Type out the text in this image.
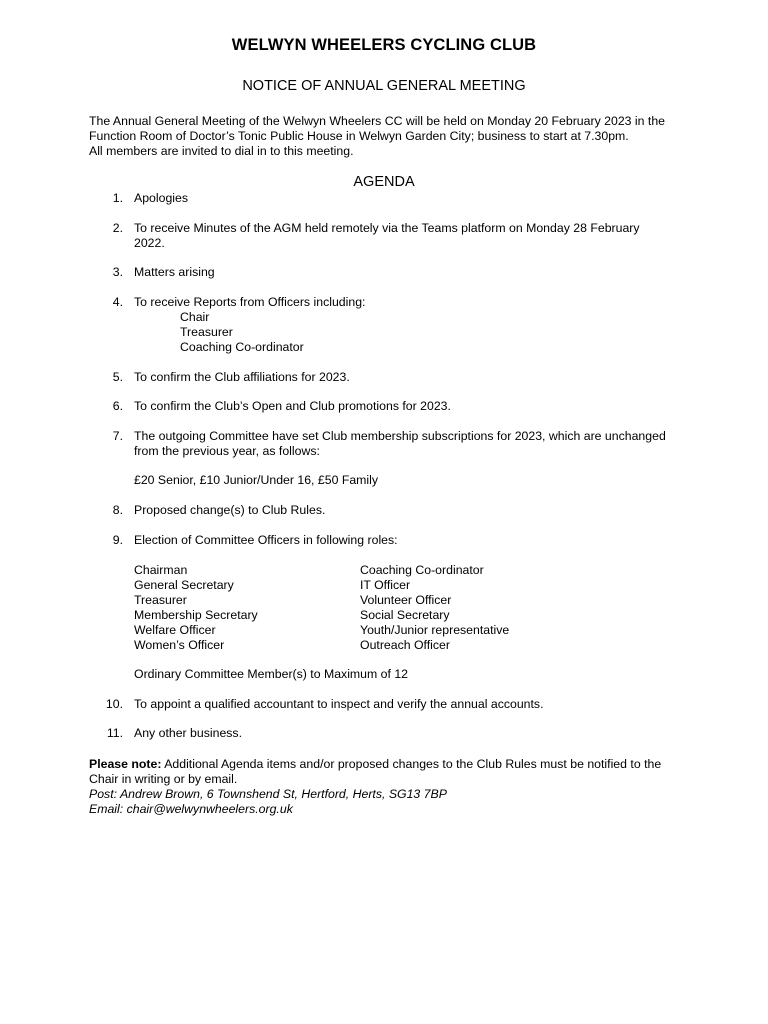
WELWYN WHEELERS CYCLING CLUB
NOTICE OF ANNUAL GENERAL MEETING
The Annual General Meeting of the Welwyn Wheelers CC will be held on Monday 20 February 2023 in the
Function Room of Doctor’s Tonic Public House in Welwyn Garden City; business to start at 7.30pm.
All members are invited to dial in to this meeting.
AGENDA
1. Apologies
2. To receive Minutes of the AGM held remotely via the Teams platform on Monday 28 February
2022.
3. Matters arising
4. To receive Reports from Officers including:
Chair
Treasurer
Coaching Co-ordinator
5. To confirm the Club affiliations for 2023.
6. To confirm the Club’s Open and Club promotions for 2023.
7. The outgoing Committee have set Club membership subscriptions for 2023, which are unchanged
from the previous year, as follows:
£20 Senior, £10 Junior/Under 16, £50 Family
8. Proposed change(s) to Club Rules.
9. Election of Committee Officers in following roles:
Chairman
General Secretary
Treasurer
Membership Secretary
Welfare Officer
Women’s Officer
Coaching Co-ordinator
IT Officer
Volunteer Officer
Social Secretary
Youth/Junior representative
Outreach Officer
Ordinary Committee Member(s) to Maximum of 12
10. To appoint a qualified accountant to inspect and verify the annual accounts.
11. Any other business.
Please note: Additional Agenda items and/or proposed changes to the Club Rules must be notified to the
Chair in writing or by email.
Post: Andrew Brown, 6 Townshend St, Hertford, Herts, SG13 7BP
Email: chair@welwynwheelers.org.uk
